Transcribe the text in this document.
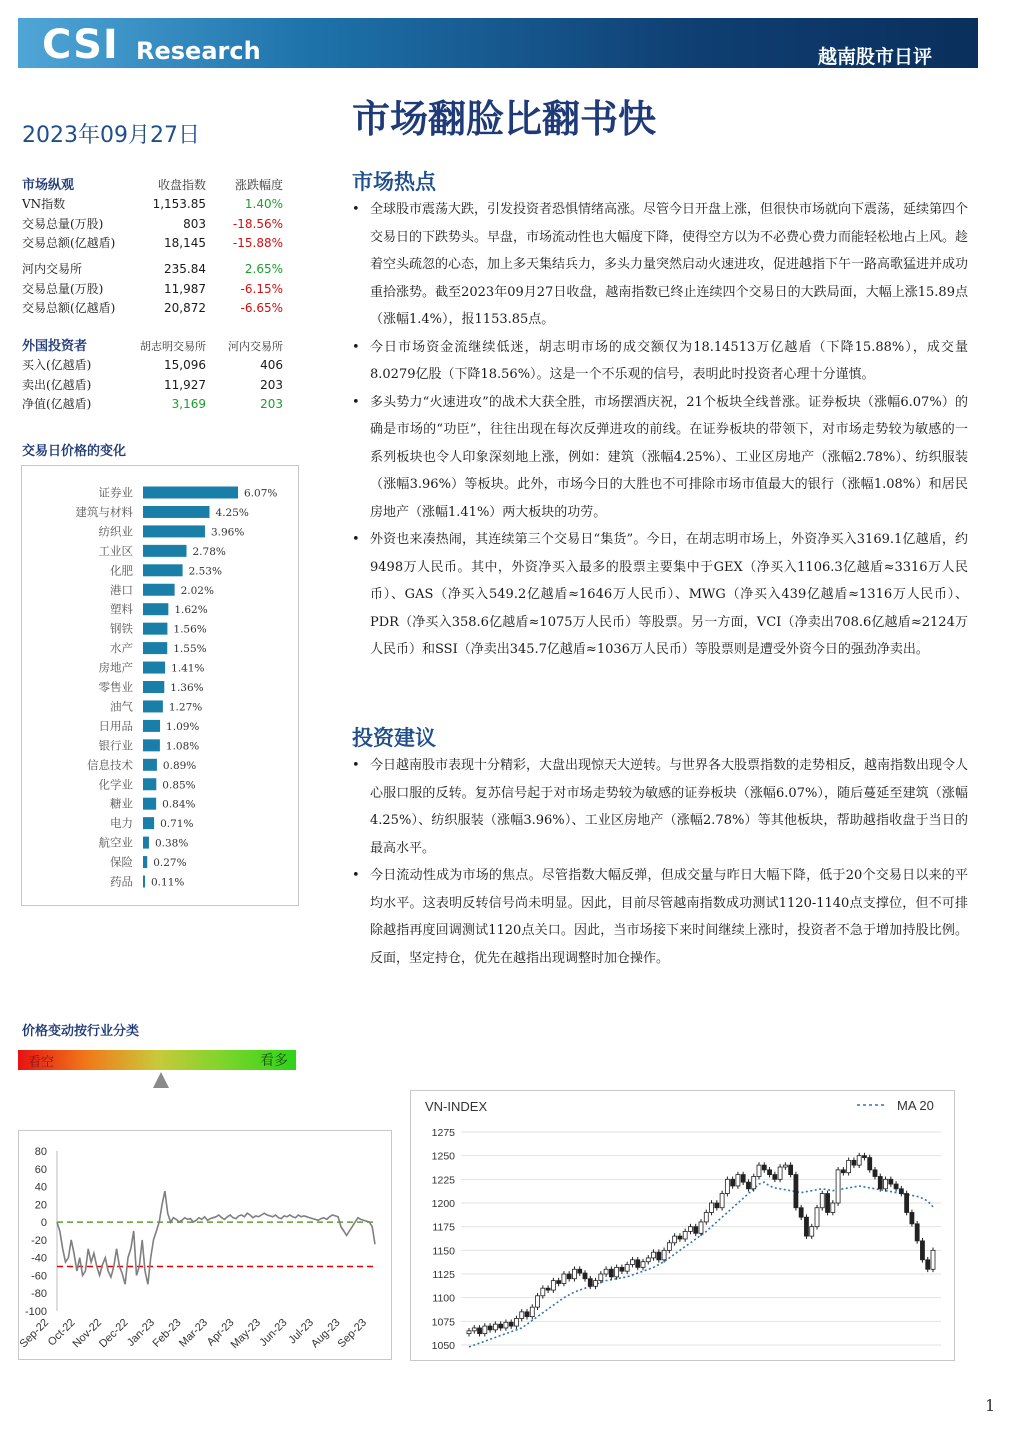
CSI Research	越南股市日评
2023年09月27日	市场翻脸比翻书快
市场纵观	收盘指数	涨跌幅度
VN指数	1,153.85	1.40%
交易总量(万股)	803	-18.56%
交易总额(亿越盾)	18,145	-15.88%
河内交易所	235.84	2.65%
交易总量(万股)	11,987	-6.15%
交易总额(亿越盾)	20,872	-6.65%
外国投资者	胡志明交易所	河内交易所
买入(亿越盾)	15,096	406
卖出(亿越盾)	11,927	203
净值(亿越盾)	3,169	203
交易日价格的变化
证券业	6.07%
建筑与材料	4.25%
纺织业	3.96%
工业区	2.78%
化肥	2.53%
港口	2.02%
塑料	1.62%
钢铁	1.56%
水产	1.55%
房地产	1.41%
零售业	1.36%
油气	1.27%
日用品	1.09%
银行业	1.08%
信息技术	0.89%
化学业	0.85%
糖业	0.84%
电力	0.71%
航空业 0.38%
保险 0.27%
药品 0.11%
价格变动按行业分类
看空	看多
80
60
40
20
0
-20
-40
-60
-80
-100
Sep-22
Oct-22
Nov-22
Dec-22
Jan-23
Feb-23
Mar-23
Apr-23
May-23
Jun-23
Jul-23
Aug-23
Sep-23
VN-INDEX	MA 20
1275
1250
1225
1200
1175
1150
1125
1100
1075
1050
市场热点

• 全球股市震荡大跌，引发投资者恐惧情绪高涨。尽管今日开盘上涨，但很快市场就向下震荡，延续第四个交易日的下跌势头。早盘，市场流动性也大幅度下降，使得空方以为不必费心费力而能轻松地占上风。趁着空头疏忽的心态，加上多天集结兵力，多头力量突然启动火速进攻，促进越指下午一路高歌猛进并成功重拾涨势。截至2023年09月27日收盘，越南指数已终止连续四个交易日的大跌局面，大幅上涨15.89点（涨幅1.4%），报1153.85点。

• 今日市场资金流继续低迷，胡志明市场的成交额仅为18.14513万亿越盾（下降15.88%），成交量8.0279亿股（下降18.56%）。这是一个不乐观的信号，表明此时投资者心理十分谨慎。

• 多头势力“火速进攻”的战术大获全胜，市场摆酒庆祝，21个板块全线普涨。证券板块（涨幅6.07%）的确是市场的“功臣”，往往出现在每次反弹进攻的前线。在证券板块的带领下，对市场走势较为敏感的一系列板块也令人印象深刻地上涨，例如：建筑（涨幅4.25%）、工业区房地产（涨幅2.78%）、纺织服装（涨幅3.96%）等板块。此外，市场今日的大胜也不可排除市场市值最大的银行（涨幅1.08%）和居民房地产（涨幅1.41%）两大板块的功劳。

• 外资也来凑热闹，其连续第三个交易日“集货”。今日，在胡志明市场上，外资净买入3169.1亿越盾，约9498万人民币。其中，外资净买入最多的股票主要集中于GEX（净买入1106.3亿越盾≈3316万人民币）、GAS（净买入549.2亿越盾≈1646万人民币）、MWG（净买入439亿越盾≈1316万人民币）、PDR（净买入358.6亿越盾≈1075万人民币）等股票。另一方面，VCI（净卖出708.6亿越盾≈2124万人民币）和SSI（净卖出345.7亿越盾≈1036万人民币）等股票则是遭受外资今日的强劲净卖出。

投资建议

• 今日越南股市表现十分精彩，大盘出现惊天大逆转。与世界各大股票指数的走势相反，越南指数出现令人心服口服的反转。复苏信号起于对市场走势较为敏感的证券板块（涨幅6.07%），随后蔓延至建筑（涨幅4.25%）、纺织服装（涨幅3.96%）、工业区房地产（涨幅2.78%）等其他板块，帮助越指收盘于当日的最高水平。

• 今日流动性成为市场的焦点。尽管指数大幅反弹，但成交量与昨日大幅下降，低于20个交易日以来的平均水平。这表明反转信号尚未明显。因此，目前尽管越南指数成功测试1120-1140点支撑位，但不可排除越指再度回调测试1120点关口。因此，当市场接下来时间继续上涨时，投资者不急于增加持股比例。反面，坚定持仓，优先在越指出现调整时加仓操作。

1
